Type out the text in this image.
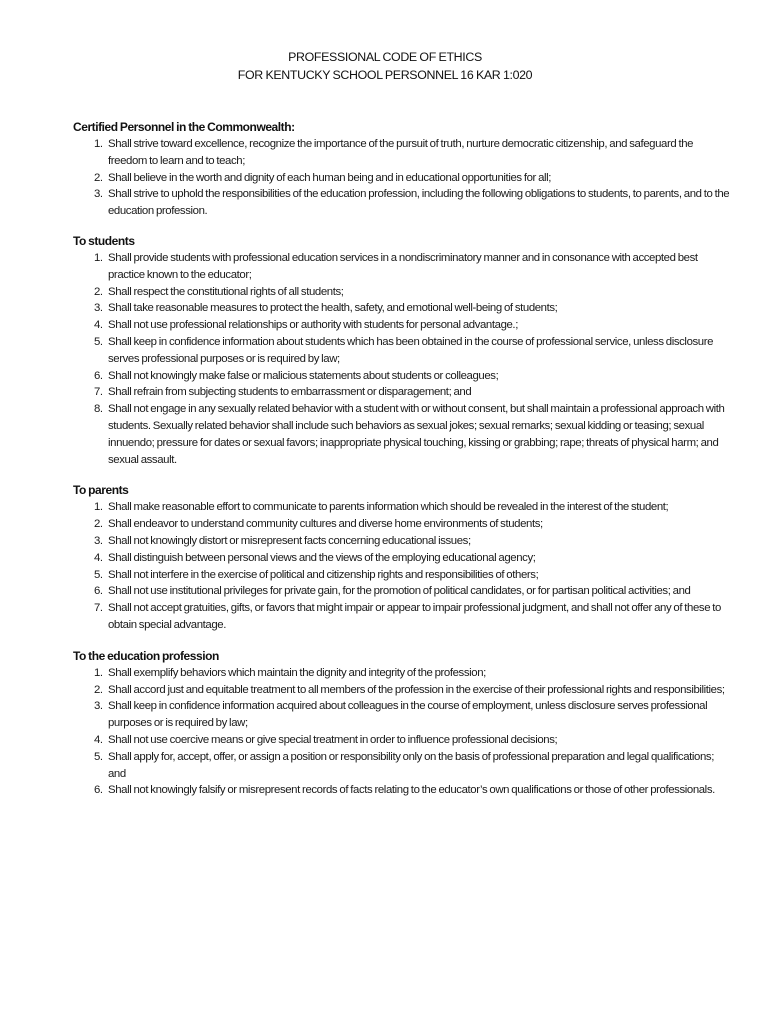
PROFESSIONAL CODE OF ETHICS
FOR KENTUCKY SCHOOL PERSONNEL 16 KAR 1:020
Certified Personnel in the Commonwealth:
1. Shall strive toward excellence, recognize the importance of the pursuit of truth, nurture democratic citizenship, and safeguard the freedom to learn and to teach;
2. Shall believe in the worth and dignity of each human being and in educational opportunities for all;
3. Shall strive to uphold the responsibilities of the education profession, including the following obligations to students, to parents, and to the education profession.
To students
1. Shall provide students with professional education services in a nondiscriminatory manner and in consonance with accepted best practice known to the educator;
2. Shall respect the constitutional rights of all students;
3. Shall take reasonable measures to protect the health, safety, and emotional well-being of students;
4. Shall not use professional relationships or authority with students for personal advantage.;
5. Shall keep in confidence information about students which has been obtained in the course of professional service, unless disclosure serves professional purposes or is required by law;
6. Shall not knowingly make false or malicious statements about students or colleagues;
7. Shall refrain from subjecting students to embarrassment or disparagement; and
8. Shall not engage in any sexually related behavior with a student with or without consent, but shall maintain a professional approach with students. Sexually related behavior shall include such behaviors as sexual jokes; sexual remarks; sexual kidding or teasing; sexual innuendo; pressure for dates or sexual favors; inappropriate physical touching, kissing or grabbing; rape; threats of physical harm; and sexual assault.
To parents
1. Shall make reasonable effort to communicate to parents information which should be revealed in the interest of the student;
2. Shall endeavor to understand community cultures and diverse home environments of students;
3. Shall not knowingly distort or misrepresent facts concerning educational issues;
4. Shall distinguish between personal views and the views of the employing educational agency;
5. Shall not interfere in the exercise of political and citizenship rights and responsibilities of others;
6. Shall not use institutional privileges for private gain, for the promotion of political candidates, or for partisan political activities; and
7. Shall not accept gratuities, gifts, or favors that might impair or appear to impair professional judgment, and shall not offer any of these to obtain special advantage.
To the education profession
1. Shall exemplify behaviors which maintain the dignity and integrity of the profession;
2. Shall accord just and equitable treatment to all members of the profession in the exercise of their professional rights and responsibilities;
3. Shall keep in confidence information acquired about colleagues in the course of employment, unless disclosure serves professional purposes or is required by law;
4. Shall not use coercive means or give special treatment in order to influence professional decisions;
5. Shall apply for, accept, offer, or assign a position or responsibility only on the basis of professional preparation and legal qualifications; and
6. Shall not knowingly falsify or misrepresent records of facts relating to the educator’s own qualifications or those of other professionals.
